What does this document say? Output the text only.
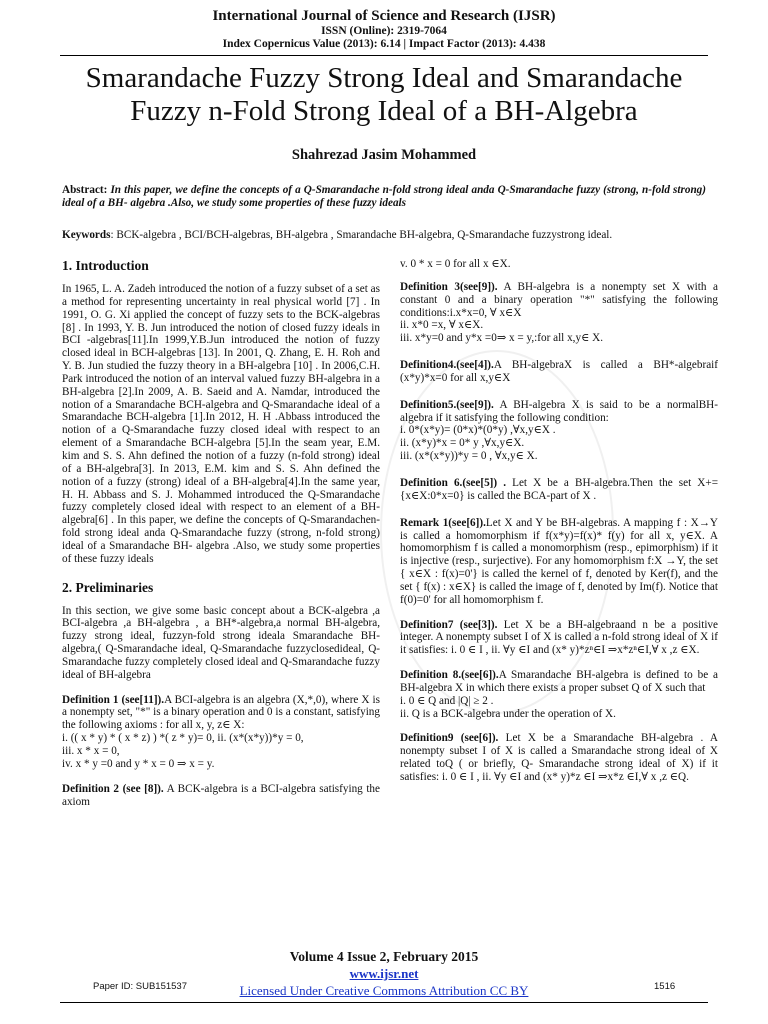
International Journal of Science and Research (IJSR)
ISSN (Online): 2319-7064
Index Copernicus Value (2013): 6.14 | Impact Factor (2013): 4.438
Smarandache Fuzzy Strong Ideal and Smarandache
Fuzzy n-Fold Strong Ideal of a BH-Algebra
Shahrezad Jasim Mohammed
Abstract: In this paper, we define the concepts of a Q-Smarandache n-fold strong ideal anda Q-Smarandache fuzzy (strong, n-fold strong) ideal of a BH- algebra .Also, we study some properties of these fuzzy ideals
Keywords: BCK-algebra , BCI/BCH-algebras, BH-algebra , Smarandache BH-algebra, Q-Smarandache fuzzystrong ideal.
1. Introduction

In 1965, L. A. Zadeh introduced the notion of a fuzzy subset of a set as a method for representing uncertainty in real physical world [7] . In 1991, O. G. Xi applied the concept of fuzzy sets to the BCK-algebras [8] . In 1993, Y. B. Jun introduced the notion of closed fuzzy ideals in BCI -algebras[11].In 1999,Y.B.Jun introduced the notion of fuzzy closed ideal in BCH-algebras [13]. In 2001, Q. Zhang, E. H. Roh and Y. B. Jun studied the fuzzy theory in a BH-algebra [10] . In 2006,C.H. Park introduced the notion of an interval valued fuzzy BH-algebra in a BH-algebra [2].In 2009, A. B. Saeid and A. Namdar, introduced the notion of a Smarandache BCH-algebra and Q-Smarandache ideal of a Smarandache BCH-algebra [1].In 2012, H. H .Abbass introduced the notion of a Q-Smarandache fuzzy closed ideal with respect to an element of a Smarandache BCH-algebra [5].In the seam year, E.M. kim and S. S. Ahn defined the notion of a fuzzy (n-fold strong) ideal of a BH-algebra[3]. In 2013, E.M. kim and S. S. Ahn defined the notion of a fuzzy (strong) ideal of a BH-algebra[4].In the same year, H. H. Abbass and S. J. Mohammed introduced the Q-Smarandache fuzzy completely closed ideal with respect to an element of a BH-algebra[6] . In this paper, we define the concepts of Q-Smarandachen-fold strong ideal anda Q-Smarandache fuzzy (strong, n-fold strong) ideal of a Smarandache BH- algebra .Also, we study some properties of these fuzzy ideals

2. Preliminaries

In this section, we give some basic concept about a BCK-algebra ,a BCI-algebra ,a BH-algebra , a BH*-algebra,a normal BH-algebra, fuzzy strong ideal, fuzzyn-fold strong ideala Smarandache BH-algebra,( Q-Smarandache ideal, Q-Smarandache fuzzyclosedideal, Q-Smarandache fuzzy completely closed ideal and Q-Smarandache fuzzy ideal of BH-algebra

Definition 1 (see[11]).A BCI-algebra is an algebra (X,*,0), where X is a nonempty set, "*" is a binary operation and 0 is a constant, satisfying the following axioms : for all x, y, z∈ X:
i. (( x * y) * ( x * z) ) *( z * y)= 0, ii. (x*(x*y))*y = 0,
iii. x * x = 0,
iv. x * y =0 and y * x = 0 ⇒ x = y.

Definition 2 (see [8]). A BCK-algebra is a BCI-algebra satisfying the axiom

v. 0 * x = 0 for all x ∈X.

Definition 3(see[9]). A BH-algebra is a nonempty set X with a constant 0 and a binary operation "*" satisfying the following conditions:i.x*x=0, ∀ x∈X
ii. x*0 =x, ∀ x∈X.
iii. x*y=0 and y*x =0⇒ x = y,:for all x,y∈ X.

Definition4.(see[4]).A BH-algebraX is called a BH*-algebraif (x*y)*x=0 for all x,y∈X

Definition5.(see[9]). A BH-algebra X is said to be a normalBH-algebra if it satisfying the following condition:
i. 0*(x*y)= (0*x)*(0*y) ,∀x,y∈X .
ii. (x*y)*x = 0* y ,∀x,y∈X.
iii. (x*(x*y))*y = 0 , ∀x,y∈ X.

Definition 6.(see[5]) . Let X be a BH-algebra.Then the set X+={x∈X:0*x=0} is called the BCA-part of X .

Remark 1(see[6]).Let X and Y be BH-algebras. A mapping f : X→Y is called a homomorphism if f(x*y)=f(x)* f(y) for all x, y∈X. A homomorphism f is called a monomorphism (resp., epimorphism) if it is injective (resp., surjective). For any homomorphism f:X →Y, the set { x∈X : f(x)=0'} is called the kernel of f, denoted by Ker(f), and the set { f(x) : x∈X} is called the image of f, denoted by Im(f). Notice that f(0)=0' for all homomorphism f.

Definition7 (see[3]). Let X be a BH-algebraand n be a positive integer. A nonempty subset I of X is called a n-fold strong ideal of X if it satisfies: i. 0 ∈ I , ii. ∀y ∈I and (x* y)*zⁿ∈I ⇒x*zⁿ∈I,∀ x ,z ∈X.

Definition 8.(see[6]).A Smarandache BH-algebra is defined to be a BH-algebra X in which there exists a proper subset Q of X such that
i. 0 ∈ Q and |Q| ≥ 2 .
ii. Q is a BCK-algebra under the operation of X.

Definition9 (see[6]). Let X be a Smarandache BH-algebra . A nonempty subset I of X is called a Smarandache strong ideal of X related toQ ( or briefly, Q- Smarandache strong ideal of X) if it satisfies: i. 0 ∈ I , ii. ∀y ∈I and (x* y)*z ∈I ⇒x*z ∈I,∀ x ,z ∈Q.

Volume 4 Issue 2, February 2015
www.ijsr.net
Licensed Under Creative Commons Attribution CC BY
Paper ID: SUB151537	1516
